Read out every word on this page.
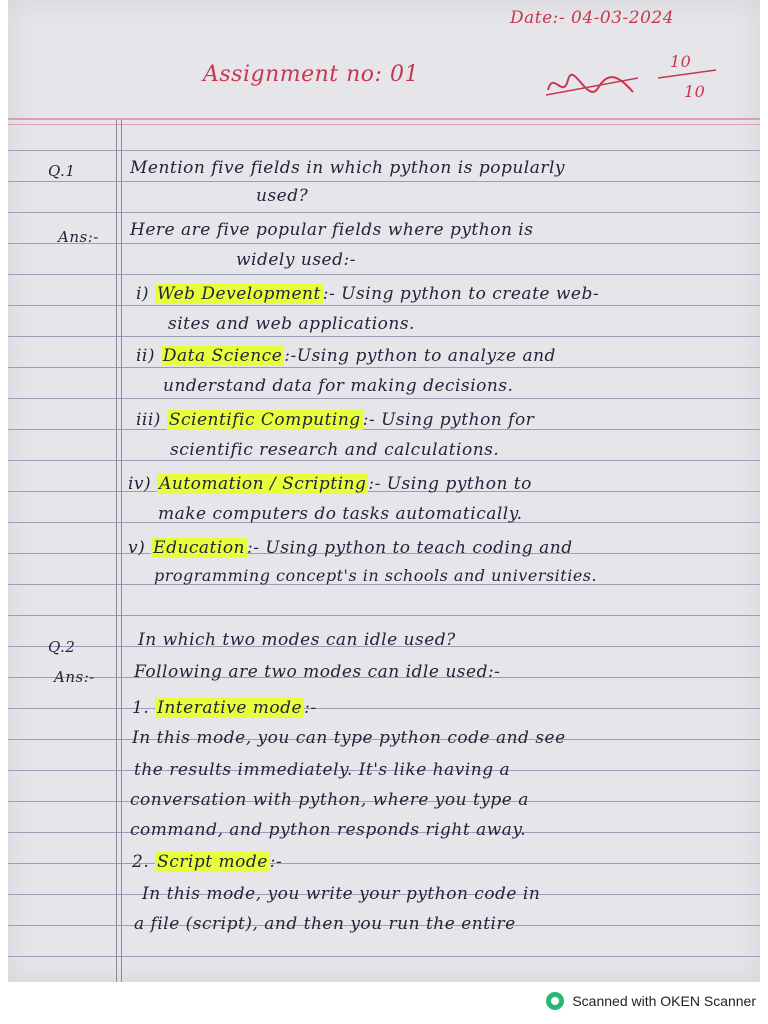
Date:- 04-03-2024
Assignment no: 01
10
10
Q.1	Mention five fields in which python is popularly
used?
Ans:- Here are five popular fields where python is
widely used:-
i) Web Development :- Using python to create web-
sites and web applications.
ii) Data Science :-Using python to analyze and
understand data for making decisions.
iii) Scientific Computing :- Using python for
scientific research and calculations.
iv) Automation / Scripting :- Using python to
make computers do tasks automatically.
v) Education :- Using python to teach coding and
programming concept's in schools and universities.
Q.2	In which two modes can idle used?
Ans:- Following are two modes can idle used:-
1. Interative mode :-
In this mode, you can type python code and see
the results immediately. It's like having a
conversation with python, where you type a
command, and python responds right away.
2. Script mode :-
In this mode, you write your python code in
a file (script), and then you run the entire
Scanned with OKEN Scanner
